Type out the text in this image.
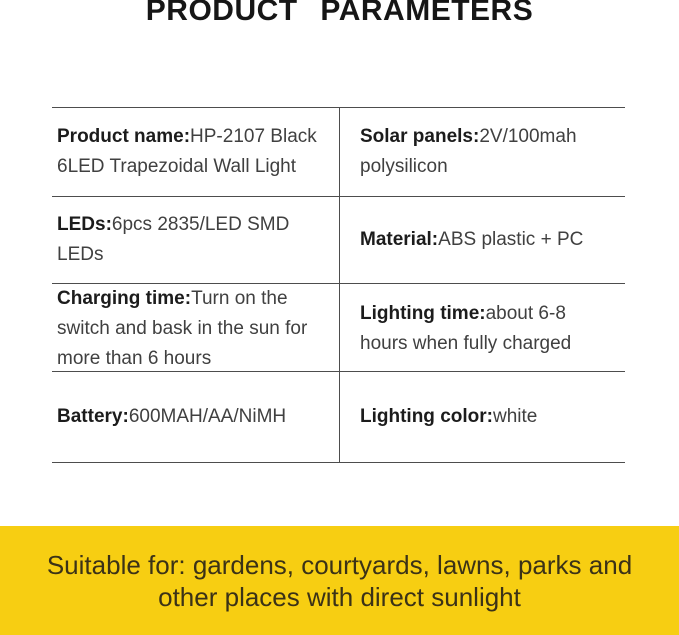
PRODUCT PARAMETERS

Product name:HP-2107 Black 6LED Trapezoidal Wall Light

Solar panels:2V/100mah polysilicon

LEDs:6pcs 2835/LED SMD LEDs

Material:ABS plastic + PC

Charging time:Turn on the switch and bask in the sun for more than 6 hours

Lighting time:about 6-8 hours when fully charged

Battery:600MAH/AA/NiMH	Lighting color:white

Suitable for: gardens, courtyards, lawns, parks and other places with direct sunlight
